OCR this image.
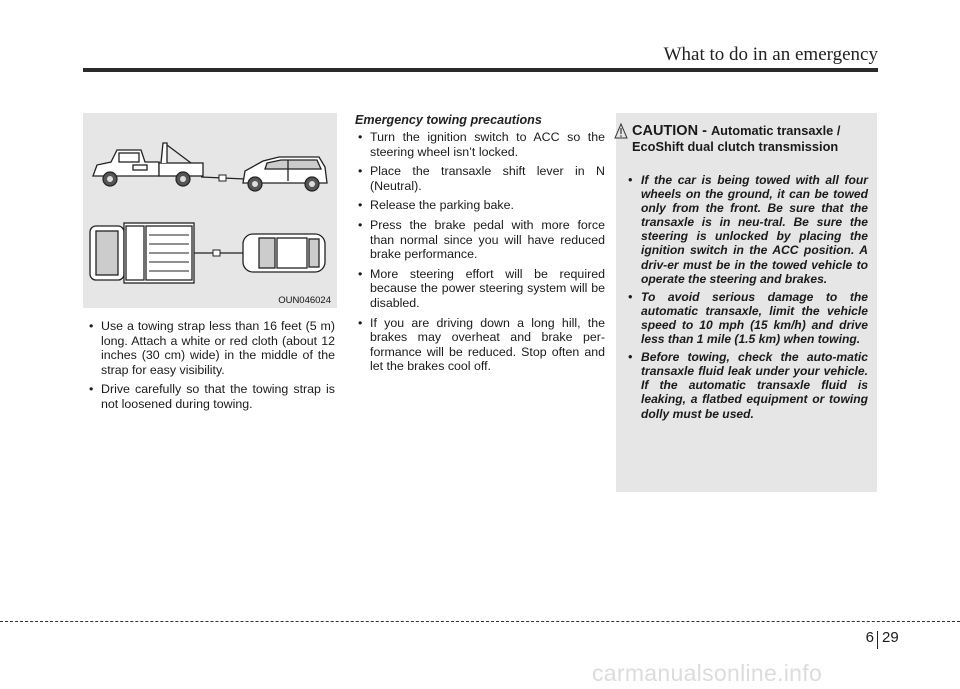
What to do in an emergency
OUN046024
• Use a towing strap less than 16 feet (5 m) long. Attach a white or red cloth (about 12 inches (30 cm) wide) in the middle of the strap for easy visibility.
• Drive carefully so that the towing strap is not loosened during towing.
Emergency towing precautions
• Turn the ignition switch to ACC so the steering wheel isn’t locked.
• Place the transaxle shift lever in N (Neutral).
• Release the parking bake.
• Press the brake pedal with more force than normal since you will have reduced brake performance.
• More steering effort will be required because the power steering system will be disabled.
• If you are driving down a long hill, the brakes may overheat and brake per-formance will be reduced. Stop often and let the brakes cool off.
CAUTION - Automatic transaxle / EcoShift dual clutch transmission
• If the car is being towed with all four wheels on the ground, it can be towed only from the front. Be sure that the transaxle is in neu-tral. Be sure the steering is unlocked by placing the ignition switch in the ACC position. A driv-er must be in the towed vehicle to operate the steering and brakes.
• To avoid serious damage to the automatic transaxle, limit the vehicle speed to 10 mph (15 km/h) and drive less than 1 mile (1.5 km) when towing.
• Before towing, check the auto-matic transaxle fluid leak under your vehicle. If the automatic transaxle fluid is leaking, a flatbed equipment or towing dolly must be used.
6 29
carmanualsonline.info
